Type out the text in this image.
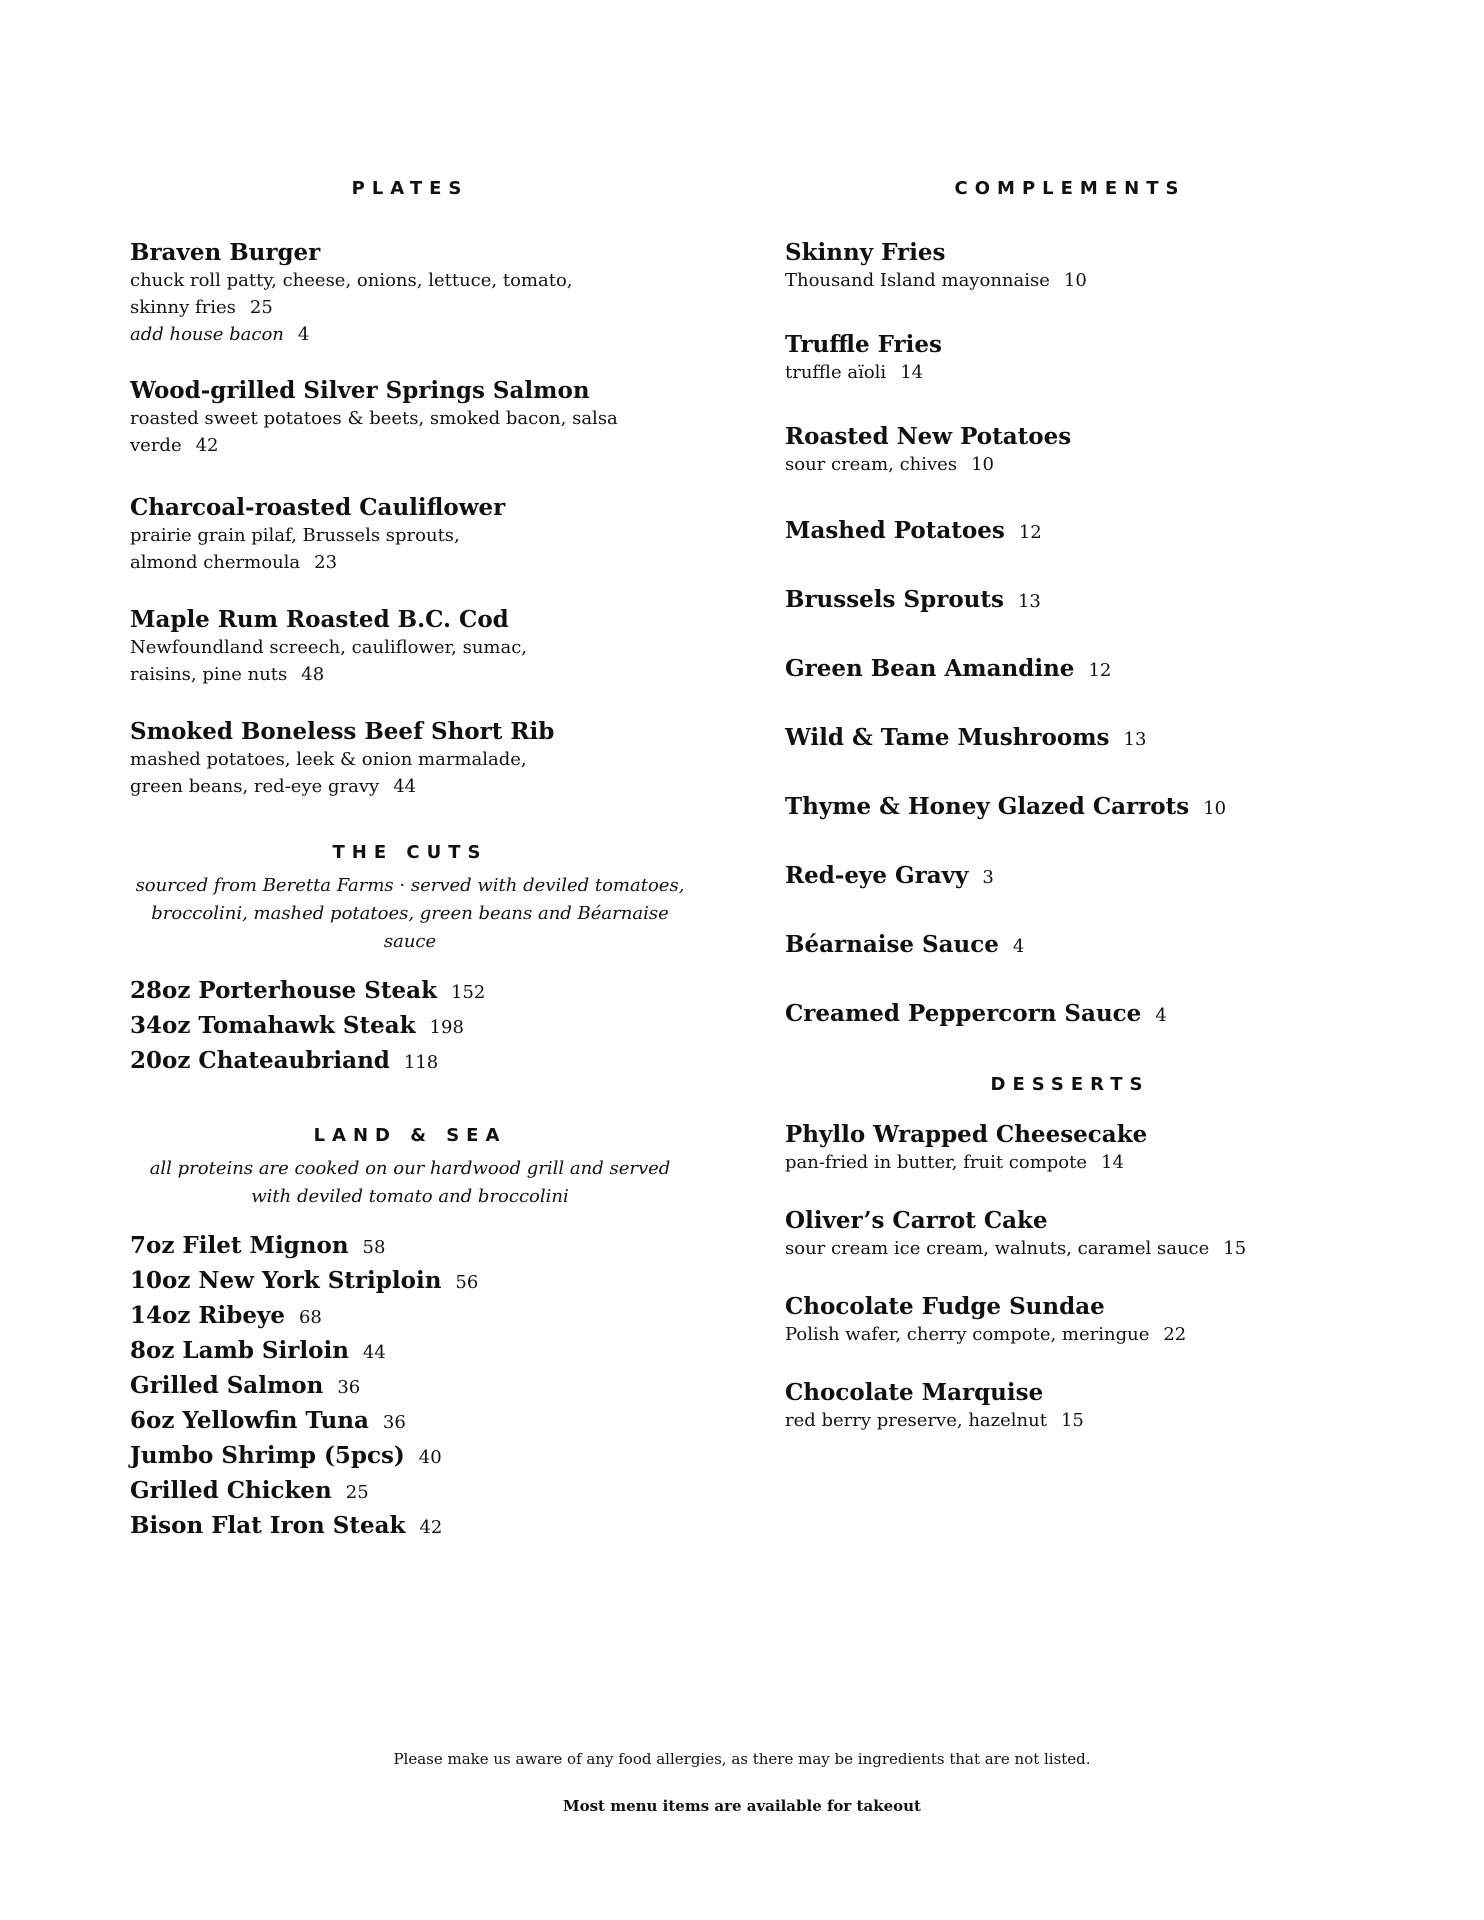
PLATES
Braven Burger
chuck roll patty, cheese, onions, lettuce, tomato,
skinny fries 25
add house bacon 4
Wood-grilled Silver Springs Salmon
roasted sweet potatoes & beets, smoked bacon, salsa verde 42
Charcoal-roasted Cauliflower
prairie grain pilaf, Brussels sprouts,
almond chermoula 23
Maple Rum Roasted B.C. Cod
Newfoundland screech, cauliflower, sumac,
raisins, pine nuts 48
Smoked Boneless Beef Short Rib
mashed potatoes, leek & onion marmalade,
green beans, red-eye gravy 44
THE CUTS
sourced from Beretta Farms · served with deviled tomatoes,
broccolini, mashed potatoes, green beans and Béarnaise sauce
28oz Porterhouse Steak 152
34oz Tomahawk Steak 198
20oz Chateaubriand 118
LAND & SEA
all proteins are cooked on our hardwood grill and served
with deviled tomato and broccolini
7oz Filet Mignon 58
10oz New York Striploin 56
14oz Ribeye 68
8oz Lamb Sirloin 44
Grilled Salmon 36
6oz Yellowfin Tuna 36
Jumbo Shrimp (5pcs) 40
Grilled Chicken 25
Bison Flat Iron Steak 42
COMPLEMENTS
Skinny Fries
Thousand Island mayonnaise 10
Truffle Fries
truffle aïoli 14
Roasted New Potatoes
sour cream, chives 10
Mashed Potatoes 12
Brussels Sprouts 13
Green Bean Amandine 12
Wild & Tame Mushrooms 13
Thyme & Honey Glazed Carrots 10
Red-eye Gravy 3
Béarnaise Sauce 4
Creamed Peppercorn Sauce 4
DESSERTS
Phyllo Wrapped Cheesecake
pan-fried in butter, fruit compote 14
Oliver’s Carrot Cake
sour cream ice cream, walnuts, caramel sauce 15
Chocolate Fudge Sundae
Polish wafer, cherry compote, meringue 22
Chocolate Marquise
red berry preserve, hazelnut 15
Please make us aware of any food allergies, as there may be ingredients that are not listed.
Most menu items are available for takeout
